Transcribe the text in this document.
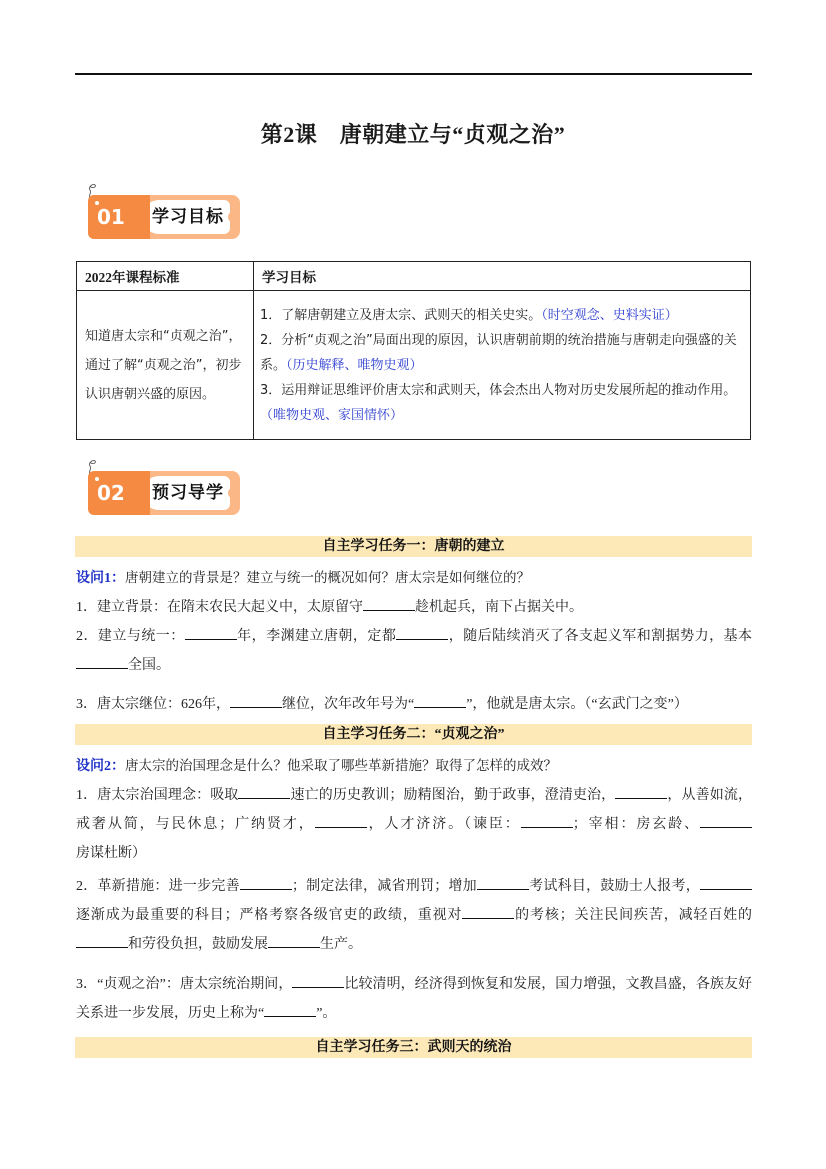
第2课　唐朝建立与“贞观之治”
学习目标
01
2022年课程标准	学习目标
知道唐太宗和“贞观之治”，通过了解“贞观之治”，初步认识唐朝兴盛的原因。	1．了解唐朝建立及唐太宗、武则天的相关史实。（时空观念、史料实证）
2．分析“贞观之治”局面出现的原因，认识唐朝前期的统治措施与唐朝走向强盛的关系。（历史解释、唯物史观）
3．运用辩证思维评价唐太宗和武则天，体会杰出人物对历史发展所起的推动作用。（唯物史观、家国情怀）
预习导学
02
自主学习任务一：唐朝的建立
设问1：唐朝建立的背景是？建立与统一的概况如何？唐太宗是如何继位的？
1．建立背景：在隋末农民大起义中，太原留守	趁机起兵，南下占据关中。
2．建立与统一：	年，李渊建立唐朝，定都	，随后陆续消灭了各支起义军和割据势力，基本全国。
3．唐太宗继位：626年，	继位，次年改年号为“	”，他就是唐太宗。（“玄武门之变”）
自主学习任务二：“贞观之治”
设问2：唐太宗的治国理念是什么？他采取了哪些革新措施？取得了怎样的成效？
1．唐太宗治国理念：吸取	速亡的历史教训；励精图治，勤于政事，澄清吏治，	，从善如流，戒奢从简，与民休息；广纳贤才，	，人才济济。（谏臣：	；宰相：房玄龄、房谋杜断）
2．革新措施：进一步完善	；制定法律，减省刑罚；增加	考试科目，鼓励士人报考，逐渐成为最重要的科目；严格考察各级官吏的政绩，重视对	的考核；关注民间疾苦，减轻百姓的和劳役负担，鼓励发展	生产。
3．“贞观之治”：唐太宗统治期间，	比较清明，经济得到恢复和发展，国力增强，文教昌盛，各族友好关系进一步发展，历史上称为“	”。
自主学习任务三：武则天的统治
